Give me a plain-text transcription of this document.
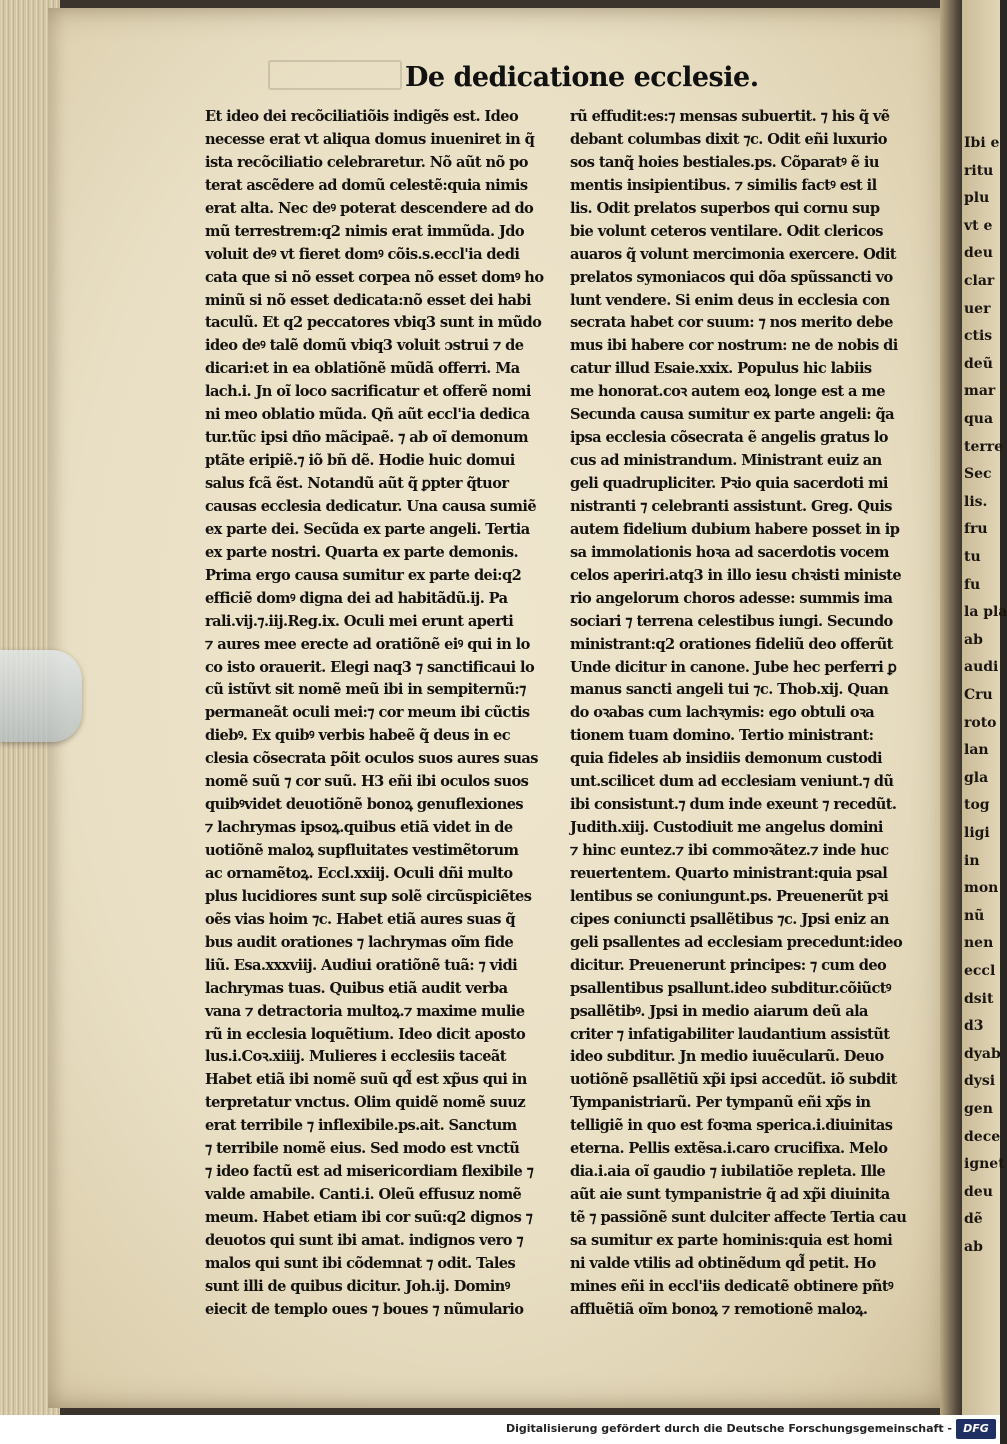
Ibi e
ritu
plu
vt e
deu
clar
uer
ctis
deũ
mar
qua
terre
Sec
lis.
fru
tu
fu
la pla
ab
audi
Cru
roto
lan
gla
tog
ligi
in
mon
nũ
nen
eccl
dsit
d3
dyab
dysi
gen
dece
ignet
deu
dẽ
ab
De dedicatione ecclesie.
Et ideo dei recõciliatiõis indigẽs est. Ideo
necesse erat vt aliqua domus inueniret in q̃
ista recõciliatio celebraretur. Nõ aũt nõ po
terat ascẽdere ad domũ celestẽ:quia nimis
erat alta. Nec deꝰ poterat descendere ad do
mũ terrestrem:q2 nimis erat immũda. Jdo
voluit deꝰ vt fieret domꝰ cõis.s.eccl'ia dedi
cata que si nõ esset corpea nõ esset domꝰ ho
minũ si nõ esset dedicata:nõ esset dei habi
taculũ. Et q2 peccatores vbiq3 sunt in mũdo
ideo deꝰ talẽ domũ vbiq3 voluit ɔstrui ⁊ de
dicari:et in ea oblatiõnẽ mũdã offerri. Ma
lach.i. Jn oĩ loco sacrificatur et offerẽ nomi
ni meo oblatio mũda. Qñ aũt eccl'ia dedica
tur.tũc ipsi dño mãcipaẽ. ⁊ ab oĩ demonum
ptãte eripiẽ.⁊ iõ bñ dẽ. Hodie huic domui
salus fcã ẽst. Notandũ aũt q̃ ꝑpter q̃tuor
causas ecclesia dedicatur. Una causa sumiẽ
ex parte dei. Secũda ex parte angeli. Tertia
ex parte nostri. Quarta ex parte demonis.
Prima ergo causa sumitur ex parte dei:q2
efficiẽ domꝰ digna dei ad habitãdũ.ij. Pa
rali.vij.⁊.iij.Reg.ix. Oculi mei erunt aperti
⁊ aures mee erecte ad oratiõnẽ eiꝰ qui in lo
co isto orauerit. Elegi naq3 ⁊ sanctificaui lo
cũ istũvt sit nomẽ meũ ibi in sempiternũ:⁊
permaneãt oculi mei:⁊ cor meum ibi cũctis
diebꝰ. Ex quibꝰ verbis habeẽ q̃ deus in ec
clesia cõsecrata põit oculos suos aures suas
nomẽ suũ ⁊ cor suũ. H3 eñi ibi oculos suos
quibꝰvidet deuotiõnẽ bonoꝝ genuflexiones
⁊ lachrymas ipsoꝝ.quibus etiã videt in de
uotiõnẽ maloꝝ supfluitates vestimẽtorum
ac ornamẽtoꝝ. Eccl.xxiij. Oculi dñi multo
plus lucidiores sunt sup solẽ circũspiciẽtes
oẽs vias hoim ⁊c. Habet etiã aures suas q̃
bus audit orationes ⁊ lachrymas oĩm fide
liũ. Esa.xxxviij. Audiui oratiõnẽ tuã: ⁊ vidi
lachrymas tuas. Quibus etiã audit verba
vana ⁊ detractoria multoꝝ.⁊ maxime mulie
rũ in ecclesia loquẽtium. Ideo dicit aposto
lus.i.Coꝛ.xiiij. Mulieres i ecclesiis taceãt
Habet etiã ibi nomẽ suũ qd̃ est xp̃us qui in
terpretatur vnctus. Olim quidẽ nomẽ suuz
erat terribile ⁊ inflexibile.ps.ait. Sanctum
⁊ terribile nomẽ eius. Sed modo est vnctũ
⁊ ideo factũ est ad misericordiam flexibile ⁊
valde amabile. Canti.i. Oleũ effusuz nomẽ
meum. Habet etiam ibi cor suũ:q2 dignos ⁊
deuotos qui sunt ibi amat. indignos vero ⁊
malos qui sunt ibi cõdemnat ⁊ odit. Tales
sunt illi de quibus dicitur. Joh.ij. Dominꝰ
eiecit de templo oues ⁊ boues ⁊ nũmulario
rũ effudit:es:⁊ mensas subuertit. ⁊ his q̃ vẽ
debant columbas dixit ⁊c. Odit eñi luxurio
sos tanq̃ hoies bestiales.ps. Cõparatꝰ ẽ iu
mentis insipientibus. ⁊ similis factꝰ est il
lis. Odit prelatos superbos qui cornu sup
bie volunt ceteros ventilare. Odit clericos
auaros q̃ volunt mercimonia exercere. Odit
prelatos symoniacos qui dõa spũssancti vo
lunt vendere. Si enim deus in ecclesia con
secrata habet cor suum: ⁊ nos merito debe
mus ibi habere cor nostrum: ne de nobis di
catur illud Esaie.xxix. Populus hic labiis
me honorat.coꝛ autem eoꝝ longe est a me
Secunda causa sumitur ex parte angeli: q̃a
ipsa ecclesia cõsecrata ẽ angelis gratus lo
cus ad ministrandum. Ministrant euiz an
geli quadrupliciter. Pꝛio quia sacerdoti mi
nistranti ⁊ celebranti assistunt. Greg. Quis
autem fidelium dubium habere posset in ip
sa immolationis hoꝛa ad sacerdotis vocem
celos aperiri.atq3 in illo iesu chꝛisti ministe
rio angelorum choros adesse: summis ima
sociari ⁊ terrena celestibus iungi. Secundo
ministrant:q2 orationes fideliũ deo offerũt
Unde dicitur in canone. Jube hec perferri ꝑ
manus sancti angeli tui ⁊c. Thob.xij. Quan
do oꝛabas cum lachꝛymis: ego obtuli oꝛa
tionem tuam domino. Tertio ministrant:
quia fideles ab insidiis demonum custodi
unt.scilicet dum ad ecclesiam veniunt.⁊ dũ
ibi consistunt.⁊ dum inde exeunt ⁊ recedũt.
Judith.xiij. Custodiuit me angelus domini
⁊ hinc euntez.⁊ ibi commoꝛãtez.⁊ inde huc
reuertentem. Quarto ministrant:quia psal
lentibus se coniungunt.ps. Preuenerũt pꝛi
cipes coniuncti psallẽtibus ⁊c. Jpsi eniz an
geli psallentes ad ecclesiam precedunt:ideo
dicitur. Preuenerunt principes: ⁊ cum deo
psallentibus psallunt.ideo subditur.cõiũctꝰ
psallẽtibꝰ. Jpsi in medio aiarum deũ ala
criter ⁊ infatigabiliter laudantium assistũt
ideo subditur. Jn medio iuuẽcularũ. Deuo
uotiõnẽ psallẽtiũ xp̃i ipsi accedũt. iõ subdit
Tympanistriarũ. Per tympanũ eñi xp̃s in
telligiẽ in quo est foꝛma sperica.i.diuinitas
eterna. Pellis extẽsa.i.caro crucifixa. Melo
dia.i.aia oĩ gaudio ⁊ iubilatiõe repleta. Ille
aũt aie sunt tympanistrie q̃ ad xp̃i diuinita
tẽ ⁊ passiõnẽ sunt dulciter affecte Tertia cau
sa sumitur ex parte hominis:quia est homi
ni valde vtilis ad obtinẽdum qd̃ petit. Ho
mines eñi in eccl'iis dedicatẽ obtinere pñtꝰ
affluẽtiã oĩm bonoꝝ ⁊ remotionẽ maloꝝ.
Digitalisierung gefördert durch die Deutsche Forschungsgemeinschaft -	DFG
